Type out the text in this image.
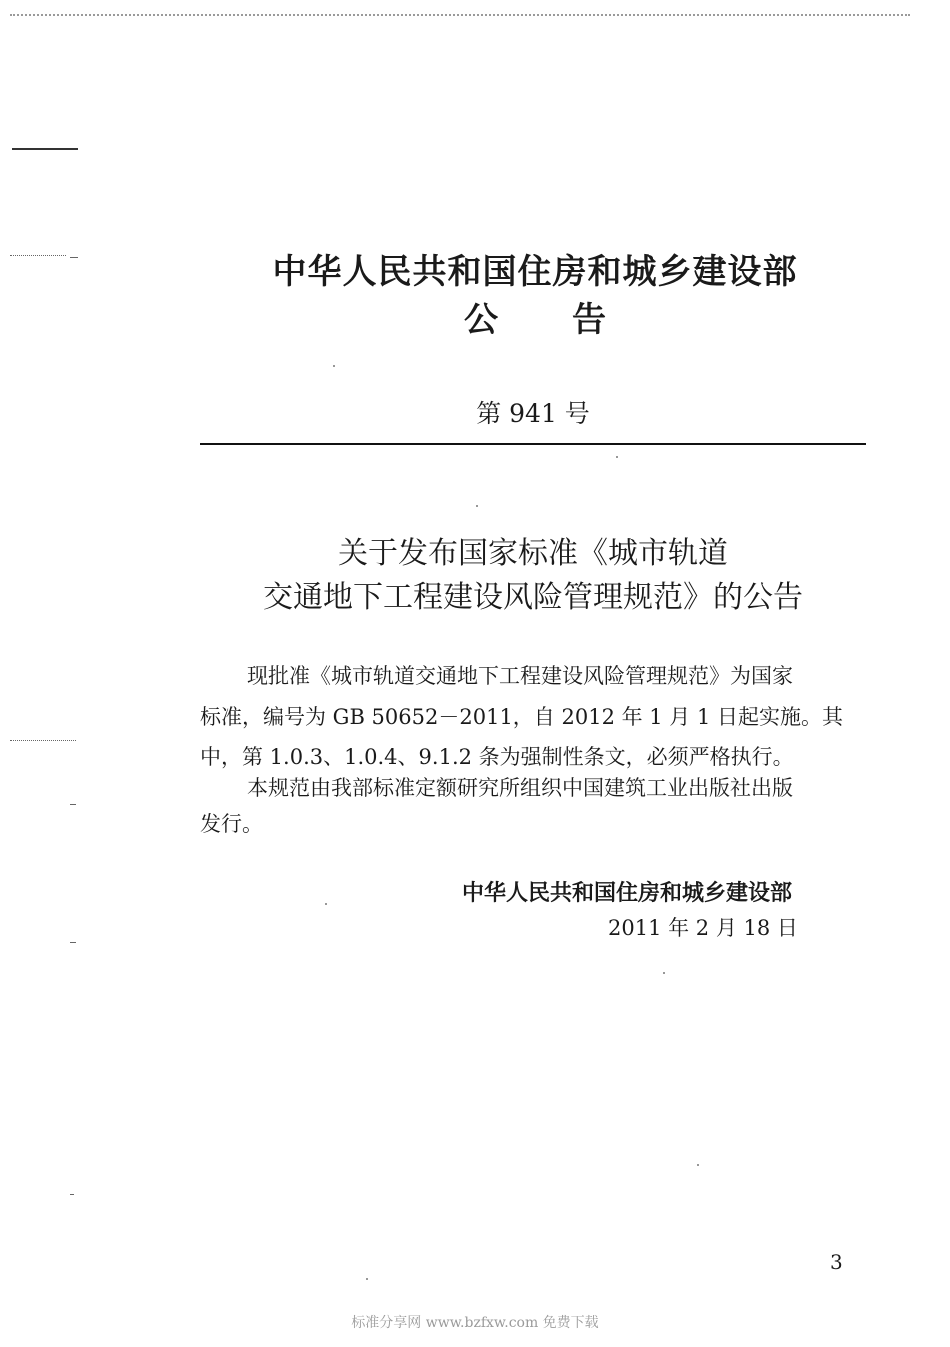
中华人民共和国住房和城乡建设部
公告
第 941 号
关于发布国家标准《城市轨道
交通地下工程建设风险管理规范》的公告
现批准《城市轨道交通地下工程建设风险管理规范》为国家
标准，编号为 GB 50652－2011，自 2012 年 1 月 1 日起实施。其
中，第 1.0.3、1.0.4、9.1.2 条为强制性条文，必须严格执行。
本规范由我部标准定额研究所组织中国建筑工业出版社出版
发行。
中华人民共和国住房和城乡建设部
2011 年 2 月 18 日
3
标准分享网 www.bzfxw.com 免费下载
